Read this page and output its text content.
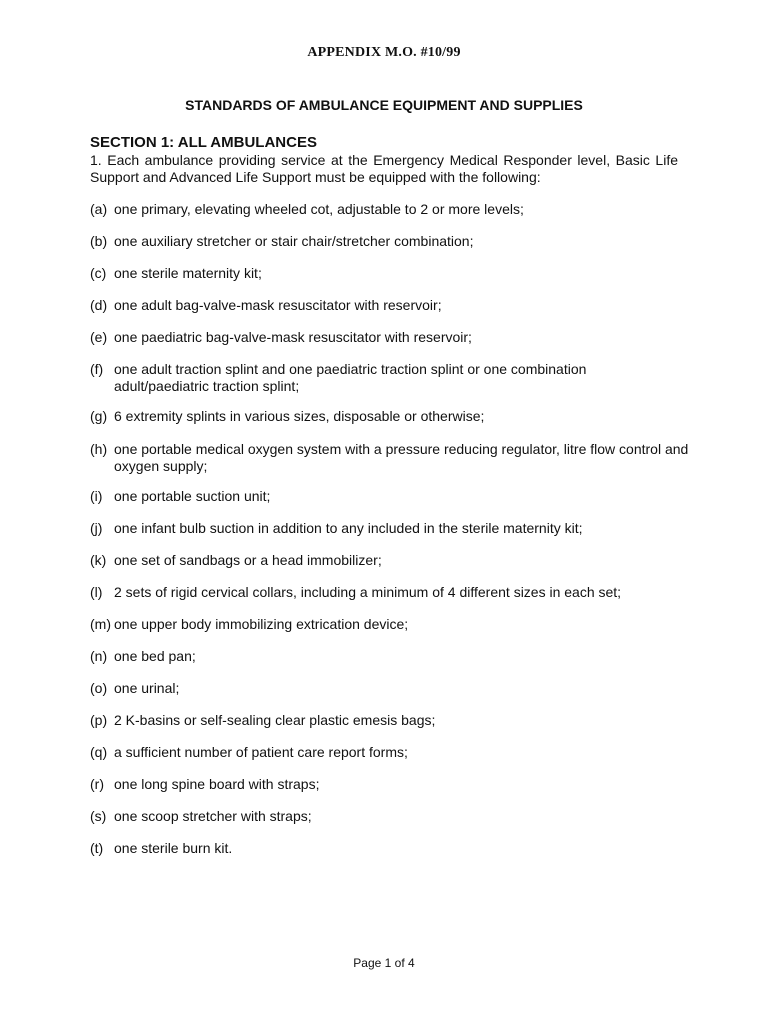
APPENDIX M.O. #10/99
STANDARDS OF AMBULANCE EQUIPMENT AND SUPPLIES
SECTION 1: ALL AMBULANCES
1. Each ambulance providing service at the Emergency Medical Responder level, Basic Life Support and Advanced Life Support must be equipped with the following:
(a) one primary, elevating wheeled cot, adjustable to 2 or more levels;
(b) one auxiliary stretcher or stair chair/stretcher combination;
(c) one sterile maternity kit;
(d) one adult bag-valve-mask resuscitator with reservoir;
(e) one paediatric bag-valve-mask resuscitator with reservoir;
(f) one adult traction splint and one paediatric traction splint or one combination adult/paediatric traction splint;
(g) 6 extremity splints in various sizes, disposable or otherwise;
(h) one portable medical oxygen system with a pressure reducing regulator, litre flow control and oxygen supply;
(i) one portable suction unit;
(j) one infant bulb suction in addition to any included in the sterile maternity kit;
(k) one set of sandbags or a head immobilizer;
(l) 2 sets of rigid cervical collars, including a minimum of 4 different sizes in each set;
(m) one upper body immobilizing extrication device;
(n) one bed pan;
(o) one urinal;
(p) 2 K-basins or self-sealing clear plastic emesis bags;
(q) a sufficient number of patient care report forms;
(r) one long spine board with straps;
(s) one scoop stretcher with straps;
(t) one sterile burn kit.
Page 1 of 4
